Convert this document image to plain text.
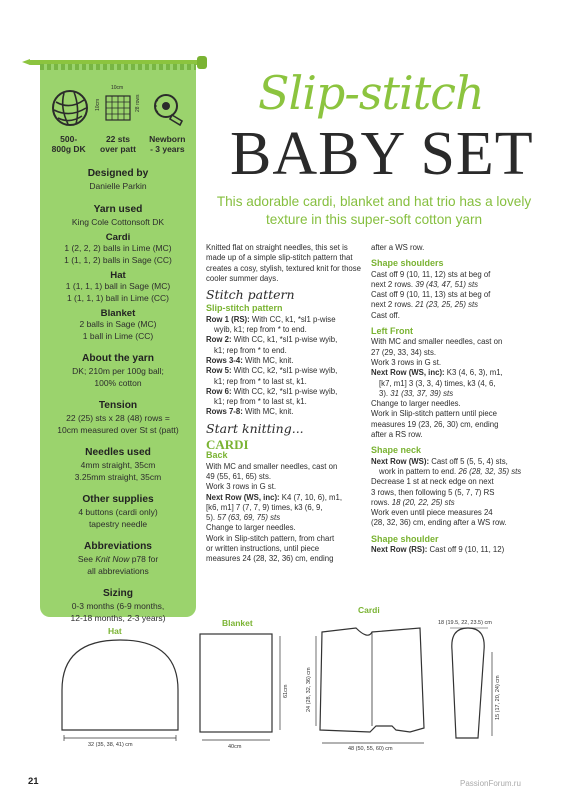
10cm
10cm	28 rows
500-
800g DK
22 sts
over patt
Newborn
- 3 years
Designed by
Danielle Parkin
Yarn used
King Cole Cottonsoft DK
Cardi
1 (2, 2, 2) balls in Lime (MC)
1 (1, 1, 2) balls in Sage (CC)
Hat
1 (1, 1, 1) ball in Sage (MC)
1 (1, 1, 1) ball in Lime (CC)
Blanket
2 balls in Sage (MC)
1 ball in Lime (CC)
About the yarn
DK; 210m per 100g ball;
100% cotton
Tension
22 (25) sts x 28 (48) rows =
10cm measured over St st (patt)
Needles used
4mm straight, 35cm
3.25mm straight, 35cm
Other supplies
4 buttons (cardi only)
tapestry needle
Abbreviations
See Knit Now p78 for
all abbreviations
Sizing
0-3 months (6-9 months,
12-18 months, 2-3 years)
Slip-stitch
BABY SET
This adorable cardi, blanket and hat trio has a lovely texture in this super-soft cotton yarn
Knitted flat on straight needles, this set is made up of a simple slip-stitch pattern that creates a cosy, stylish, textured knit for those cooler summer days.
Stitch pattern
Slip-stitch pattern
Row 1 (RS): With CC, k1, *sl1 p-wise
wyib, k1; rep from * to end.
Row 2: With CC, k1, *sl1 p-wise wyib,
k1; rep from * to end.
Rows 3-4: With MC, knit.
Row 5: With CC, k2, *sl1 p-wise wyib,
k1; rep from * to last st, k1.
Row 6: With CC, k2, *sl1 p-wise wyib,
k1; rep from * to last st, k1.
Rows 7-8: With MC, knit.
Start knitting...
CARDI
Back
With MC and smaller needles, cast on
49 (55, 61, 65) sts.
Work 3 rows in G st.
Next Row (WS, inc): K4 (7, 10, 6), m1,
[k6, m1] 7 (7, 7, 9) times, k3 (6, 9,
5). 57 (63, 69, 75) sts
Change to larger needles.
Work in Slip-stitch pattern, from chart
or written instructions, until piece
measures 24 (28, 32, 36) cm, ending
after a WS row.
Shape shoulders
Cast off 9 (10, 11, 12) sts at beg of
next 2 rows. 39 (43, 47, 51) sts
Cast off 9 (10, 11, 13) sts at beg of
next 2 rows. 21 (23, 25, 25) sts
Cast off.
Left Front
With MC and smaller needles, cast on
27 (29, 33, 34) sts.
Work 3 rows in G st.
Next Row (WS, inc): K3 (4, 6, 3), m1,
[k7, m1] 3 (3, 3, 4) times, k3 (4, 6,
3). 31 (33, 37, 39) sts
Change to larger needles.
Work in Slip-stitch pattern until piece
measures 19 (23, 26, 30) cm, ending
after a RS row.
Shape neck
Next Row (WS): Cast off 5 (5, 5, 4) sts,
work in pattern to end. 26 (28, 32, 35) sts
Decrease 1 st at neck edge on next
3 rows, then following 5 (5, 7, 7) RS
rows. 18 (20, 22, 25) sts
Work even until piece measures 24
(28, 32, 36) cm, ending after a WS row.
Shape shoulder
Next Row (RS): Cast off 9 (10, 11, 12)
Hat
Blanket
Cardi
32 (35, 38, 41) cm	40cm
61cm	24 (28, 32, 36) cm
48 (50, 55, 60) cm
18 (19.5, 22, 23.5) cm
15 (17, 20, 24) cm
21	PassionForum.ru
